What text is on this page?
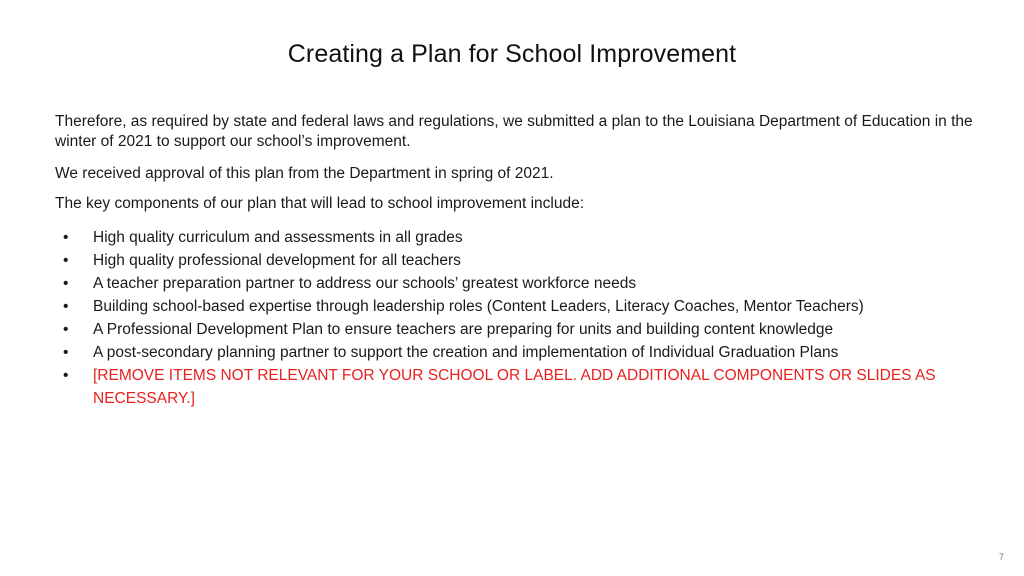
Creating a Plan for School Improvement

Therefore, as required by state and federal laws and regulations, we submitted a plan to the Louisiana Department of Education in the winter of 2021 to support our school’s improvement.

We received approval of this plan from the Department in spring of 2021.

The key components of our plan that will lead to school improvement include:

• High quality curriculum and assessments in all grades
• High quality professional development for all teachers
• A teacher preparation partner to address our schools’ greatest workforce needs
• Building school-based expertise through leadership roles (Content Leaders, Literacy Coaches, Mentor Teachers)
• A Professional Development Plan to ensure teachers are preparing for units and building content knowledge
• A post-secondary planning partner to support the creation and implementation of Individual Graduation Plans
• [REMOVE ITEMS NOT RELEVANT FOR YOUR SCHOOL OR LABEL. ADD ADDITIONAL COMPONENTS OR SLIDES AS NECESSARY.]
7
